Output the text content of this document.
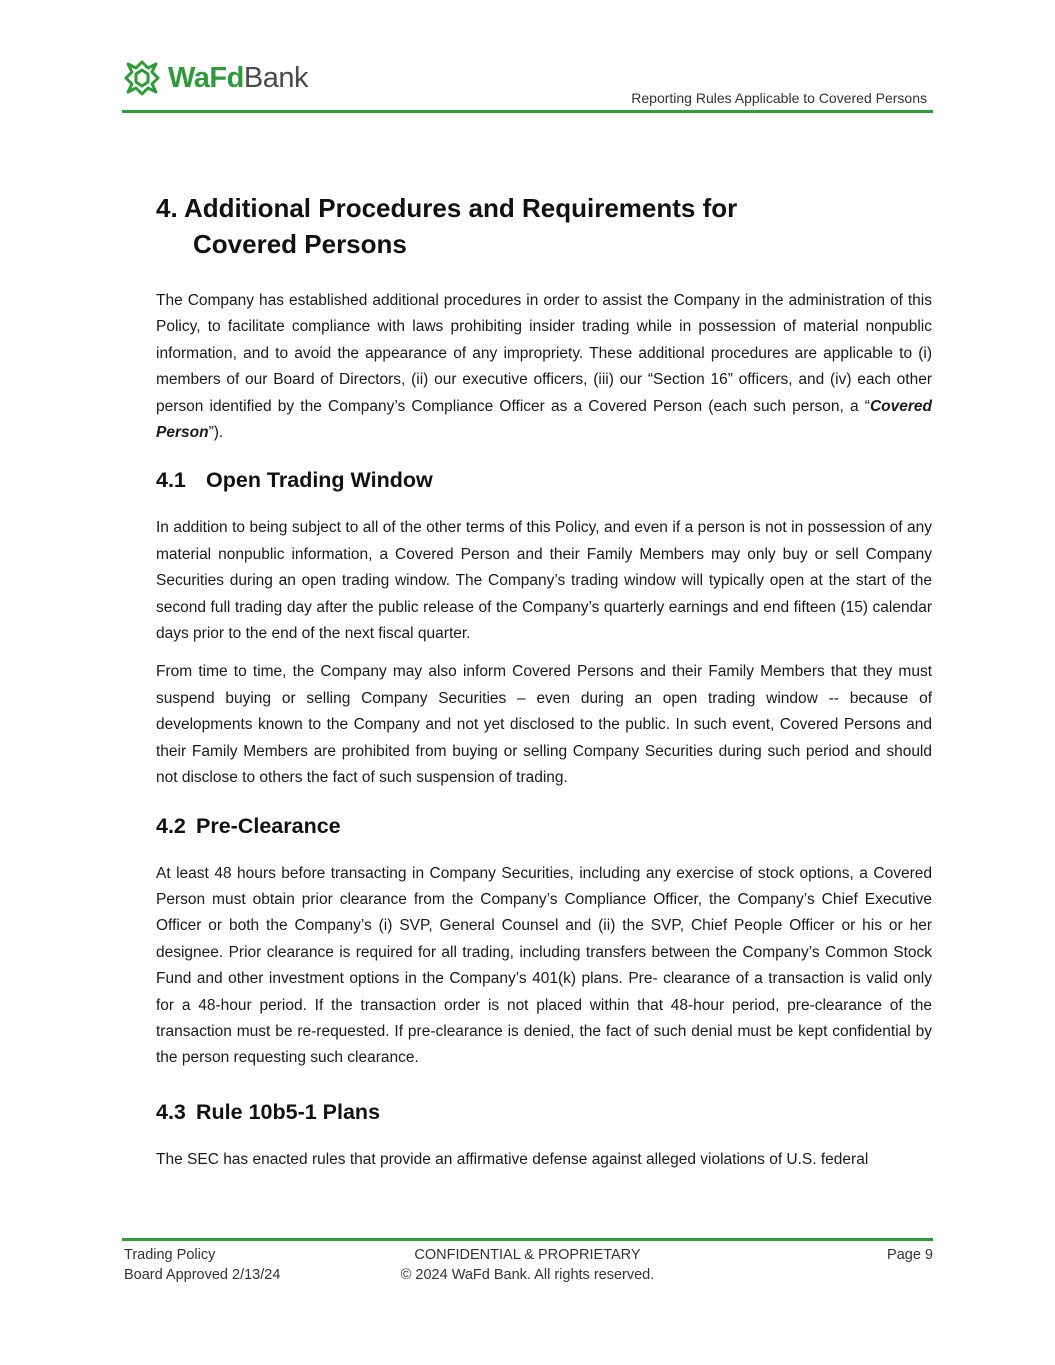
WaFdBank
Reporting Rules Applicable to Covered Persons
4. Additional Procedures and Requirements for
Covered Persons

The Company has established additional procedures in order to assist the Company in the administration of this Policy, to facilitate compliance with laws prohibiting insider trading while in possession of material nonpublic information, and to avoid the appearance of any impropriety. These additional procedures are applicable to (i) members of our Board of Directors, (ii) our executive officers, (iii) our “Section 16” officers, and (iv) each other person identified by the Company’s Compliance Officer as a Covered Person (each such person, a “Covered Person”).

4.1 Open Trading Window

In addition to being subject to all of the other terms of this Policy, and even if a person is not in possession of any material nonpublic information, a Covered Person and their Family Members may only buy or sell Company Securities during an open trading window. The Company’s trading window will typically open at the start of the second full trading day after the public release of the Company’s quarterly earnings and end fifteen (15) calendar days prior to the end of the next fiscal quarter.

From time to time, the Company may also inform Covered Persons and their Family Members that they must suspend buying or selling Company Securities – even during an open trading window -- because of developments known to the Company and not yet disclosed to the public. In such event, Covered Persons and their Family Members are prohibited from buying or selling Company Securities during such period and should not disclose to others the fact of such suspension of trading.

4.2 Pre-Clearance

At least 48 hours before transacting in Company Securities, including any exercise of stock options, a Covered Person must obtain prior clearance from the Company’s Compliance Officer, the Company’s Chief Executive Officer or both the Company’s (i) SVP, General Counsel and (ii) the SVP, Chief People Officer or his or her designee. Prior clearance is required for all trading, including transfers between the Company’s Common Stock Fund and other investment options in the Company’s 401(k) plans. Pre- clearance of a transaction is valid only for a 48-hour period. If the transaction order is not placed within that 48-hour period, pre-clearance of the transaction must be re-requested. If pre-clearance is denied, the fact of such denial must be kept confidential by the person requesting such clearance.

4.3 Rule 10b5-1 Plans

The SEC has enacted rules that provide an affirmative defense against alleged violations of U.S. federal

Trading Policy	CONFIDENTIAL & PROPRIETARY	Page 9
Board Approved 2/13/24	© 2024 WaFd Bank. All rights reserved.
